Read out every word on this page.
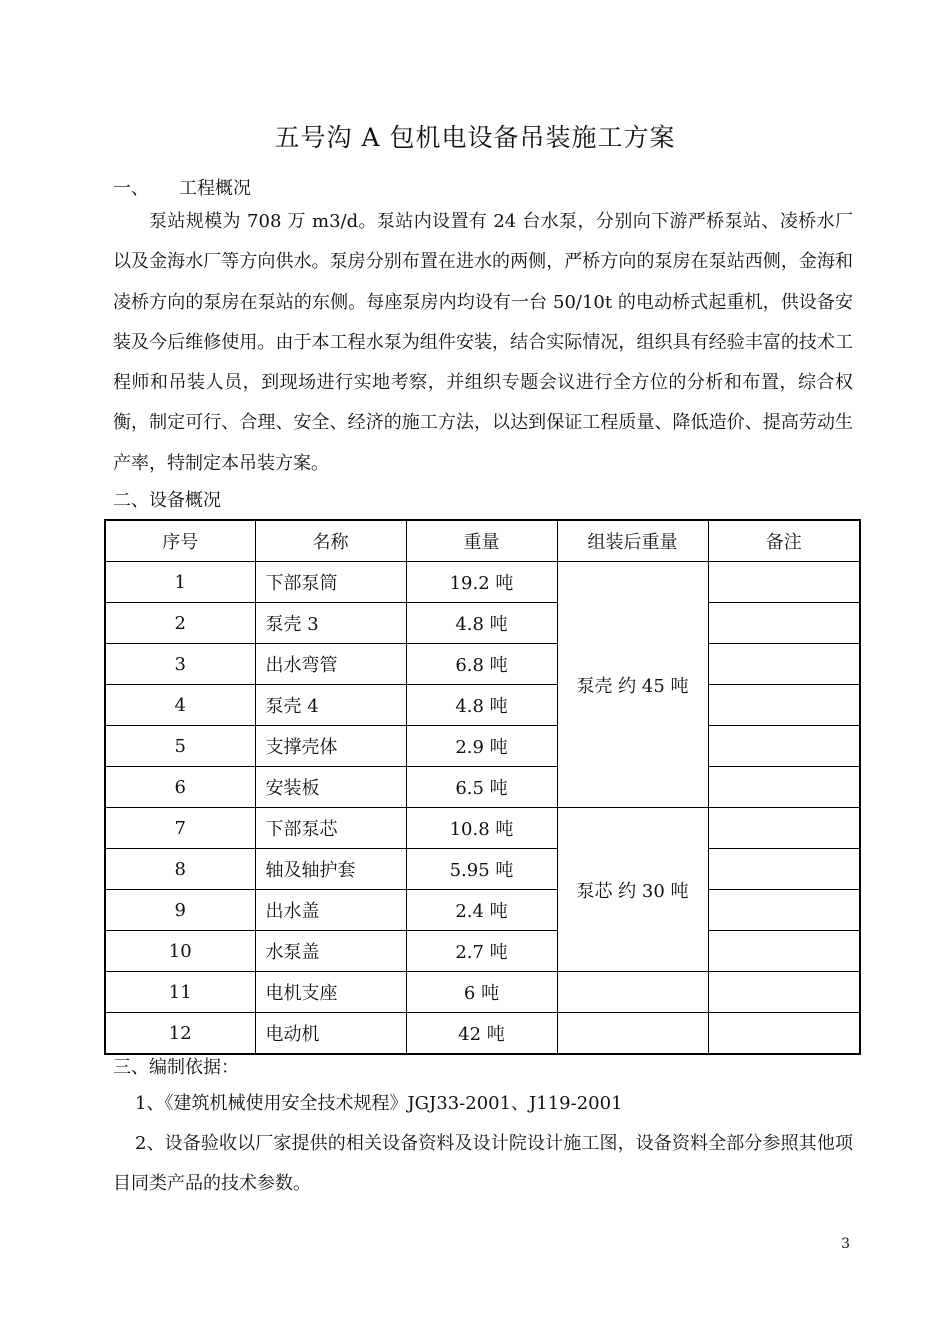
五号沟 A 包机电设备吊装施工方案
一、 工程概况
泵站规模为 708 万 m3/d。泵站内设置有 24 台水泵，分别向下游严桥泵站、凌桥水厂以及金海水厂等方向供水。泵房分别布置在进水的两侧，严桥方向的泵房在泵站西侧，金海和凌桥方向的泵房在泵站的东侧。每座泵房内均设有一台 50/10t 的电动桥式起重机，供设备安装及今后维修使用。由于本工程水泵为组件安装，结合实际情况，组织具有经验丰富的技术工程师和吊装人员，到现场进行实地考察，并组织专题会议进行全方位的分析和布置，综合权衡，制定可行、合理、安全、经济的施工方法，以达到保证工程质量、降低造价、提高劳动生产率，特制定本吊装方案。
二、设备概况
序号	名称	重量	组装后重量	备注
1	下部泵筒	19.2 吨	泵壳 约 45 吨	
2	泵壳 3	4.8 吨		
3	出水弯管	6.8 吨		
4	泵壳 4	4.8 吨		
5	支撑壳体	2.9 吨		
6	安装板	6.5 吨		
7	下部泵芯	10.8 吨	泵芯 约 30 吨	
8	轴及轴护套	5.95 吨		
9	出水盖	2.4 吨		
10	水泵盖	2.7 吨		
11	电机支座	6 吨		
12	电动机	42 吨		
三、编制依据：
1、《建筑机械使用安全技术规程》JGJ33-2001、J119-2001
2、设备验收以厂家提供的相关设备资料及设计院设计施工图，设备资料全部分参照其他项目同类产品的技术参数。
3
